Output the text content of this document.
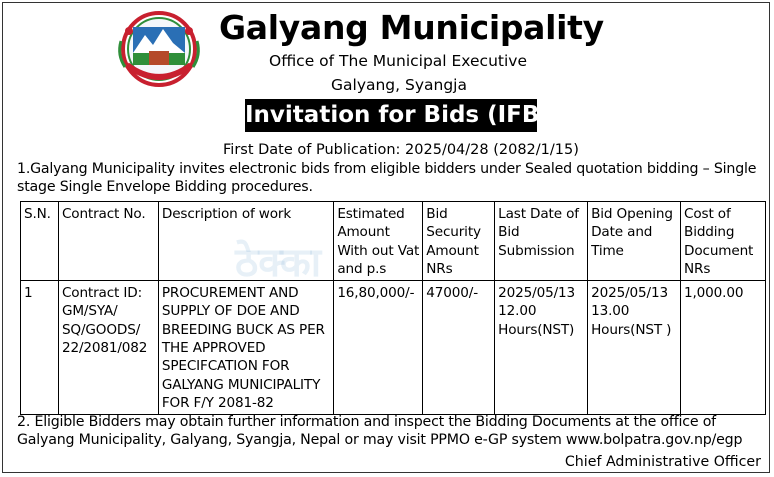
Galyang Municipality
Office of The Municipal Executive
Galyang, Syangja
Invitation for Bids (IFB)
First Date of Publication: 2025/04/28 (2082/1/15)
1.Galyang Municipality invites electronic bids from eligible bidders under Sealed quotation bidding – Single stage Single Envelope Bidding procedures.
S.N.	Contract No.	Description of work	Estimated Amount With out Vat and p.s	Bid Security Amount NRs	Last Date of Bid Submission	Bid Opening Date and Time	Cost of Bidding Document NRs
1	Contract ID: GM/SYA/ SQ/GOODS/ 22/2081/082	PROCUREMENT AND SUPPLY OF DOE AND BREEDING BUCK AS PER THE APPROVED SPECIFCATION FOR GALYANG MUNICIPALITY FOR F/Y 2081-82	16,80,000/-	47000/-	2025/05/13 12.00 Hours(NST)	2025/05/13 13.00 Hours(NST )	1,000.00
ठेक्का
2. Eligible Bidders may obtain further information and inspect the Bidding Documents at the office of Galyang Municipality, Galyang, Syangja, Nepal or may visit PPMO e-GP system www.bolpatra.gov.np/egp
Chief Administrative Officer
